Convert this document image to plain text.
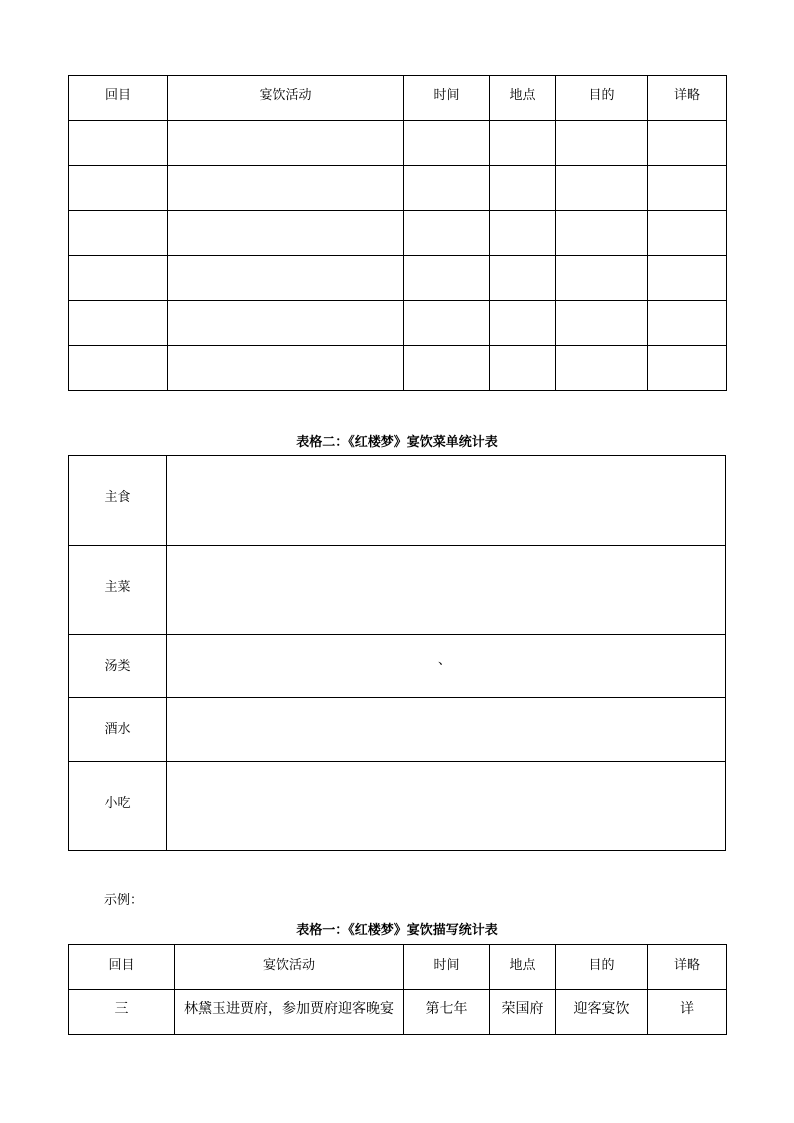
回目	宴饮活动	时间	地点	目的	详略

表格二：《红楼梦》宴饮菜单统计表
主食	
主菜	
汤类	、

酒水	
小吃	
示例：
表格一：《红楼梦》宴饮描写统计表
回目	宴饮活动	时间	地点	目的	详略
三	林黛玉进贾府，参加贾府迎客晚宴	第七年	荣国府	迎客宴饮	详
